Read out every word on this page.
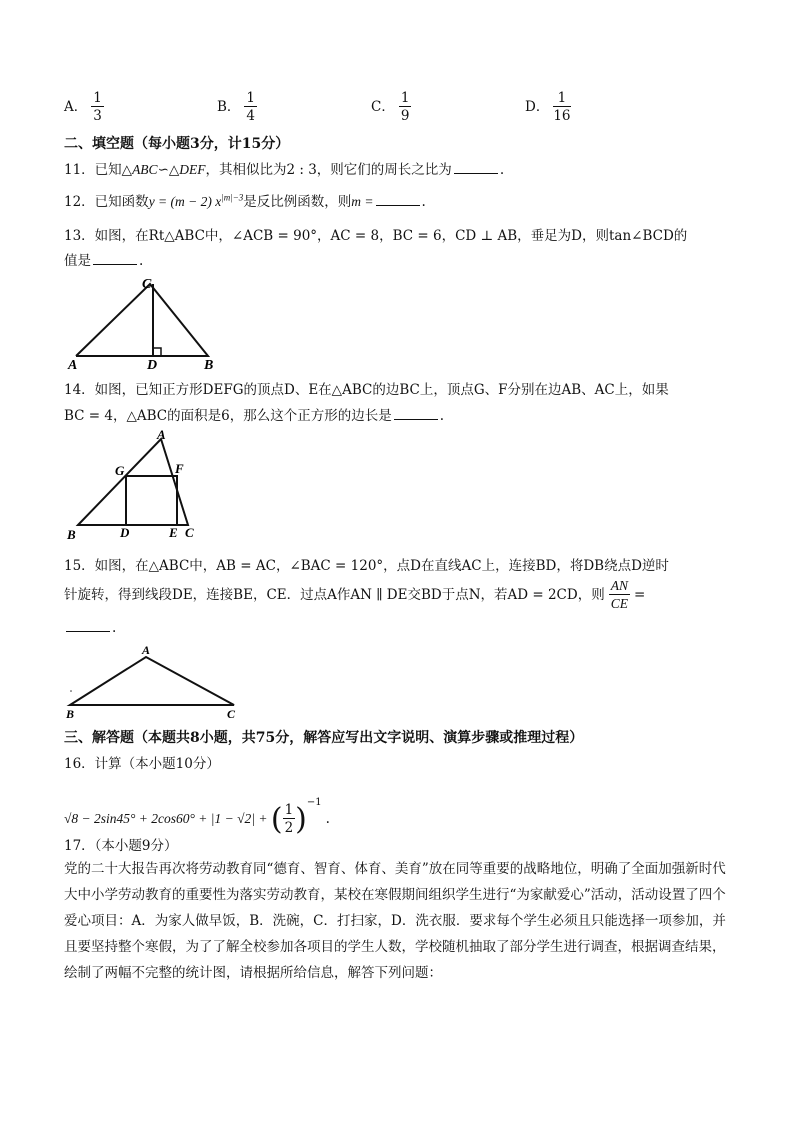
A． $\frac{1}{3}$	B． $\frac{1}{4}$	C． $\frac{1}{9}$	D． $\frac{1}{16}$
二、填空题（每小题3分，计15分）
11．已知△ABC∽△DEF，其相似比为2 : 3，则它们的周长之比为	.
12．已知函数y = (m − 2) $x^{|m|-3}$是反比例函数，则m =	.
13．如图，在Rt△ABC中，∠ACB = 90°，AC = 8，BC = 6，CD ⊥ AB，垂足为D，则tan∠BCD的
值是	.
C
A	D	B
14．如图，已知正方形DEFG的顶点D、E在△ABC的边BC上，顶点G、F分别在边AB、AC上，如果
BC = 4，△ABC的面积是6，那么这个正方形的边长是	.
A
G	F
B	D	E C
15．如图，在△ABC中，AB = AC，∠BAC = 120°，点D在直线AC上，连接BD，将DB绕点D逆时
针旋转，得到线段DE，连接BE，CE．过点A作AN ∥ DE交BD于点N，若AD = 2CD，则 $\frac{AN}{CE}$ =
.
A
B	C
三、解答题（本题共8小题，共75分，解答应写出文字说明、演算步骤或推理过程）
16．计算（本小题10分）
√8 − 2sin45° + 2cos60° + |1 − √2| + ( $\frac{1}{2} )^{-1}$.
17．（本小题9分）
党的二十大报告再次将劳动教育同“德育、智育、体育、美育”放在同等重要的战略地位，明确了全面加强新时代大中小学劳动教育的重要性为落实劳动教育，某校在寒假期间组织学生进行“为家献爱心”活动，活动设置了四个爱心项目：A．为家人做早饭，B．洗碗，C．打扫家，D．洗衣服．要求每个学生必须且只能选择一项参加，并且要坚持整个寒假，为了了解全校参加各项目的学生人数，学校随机抽取了部分学生进行调查，根据调查结果，绘制了两幅不完整的统计图，请根据所给信息，解答下列问题：
